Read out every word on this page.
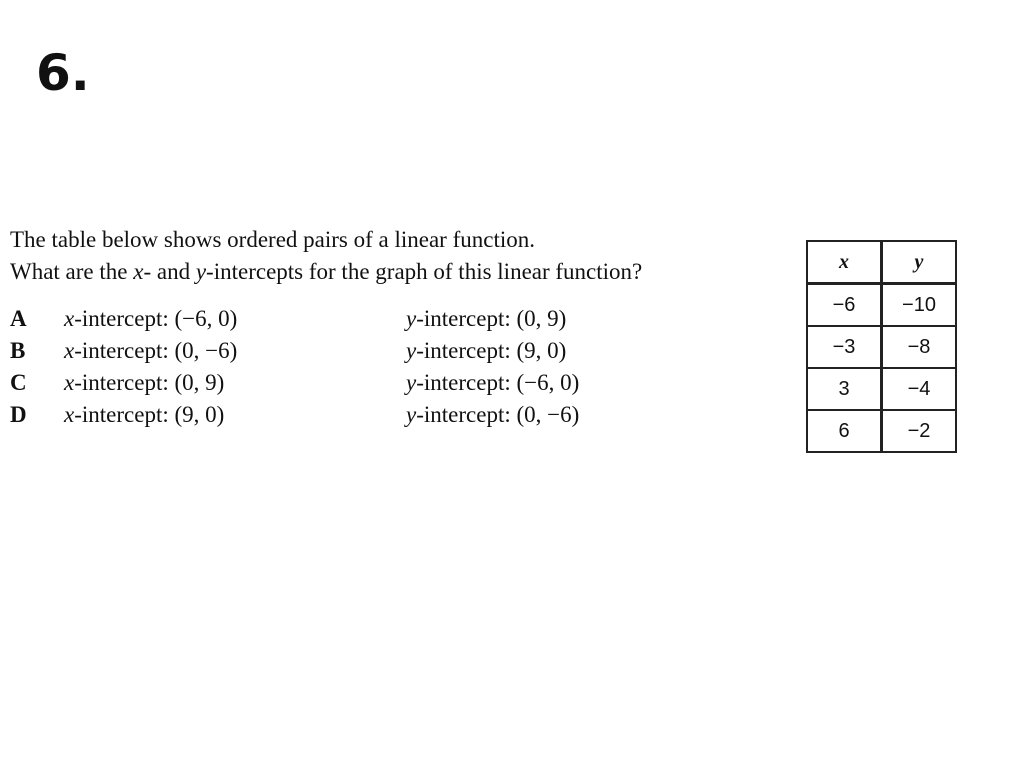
6.
The table below shows ordered pairs of a linear function.
What are the x- and y-intercepts for the graph of this linear function?
A x-intercept: (−6, 0)	y-intercept: (0, 9)
B x-intercept: (0, −6)	y-intercept: (9, 0)
C x-intercept: (0, 9)	y-intercept: (−6, 0)
D x-intercept: (9, 0)	y-intercept: (0, −6)
x	y
−6	−10
−3	−8
3	−4
6	−2
